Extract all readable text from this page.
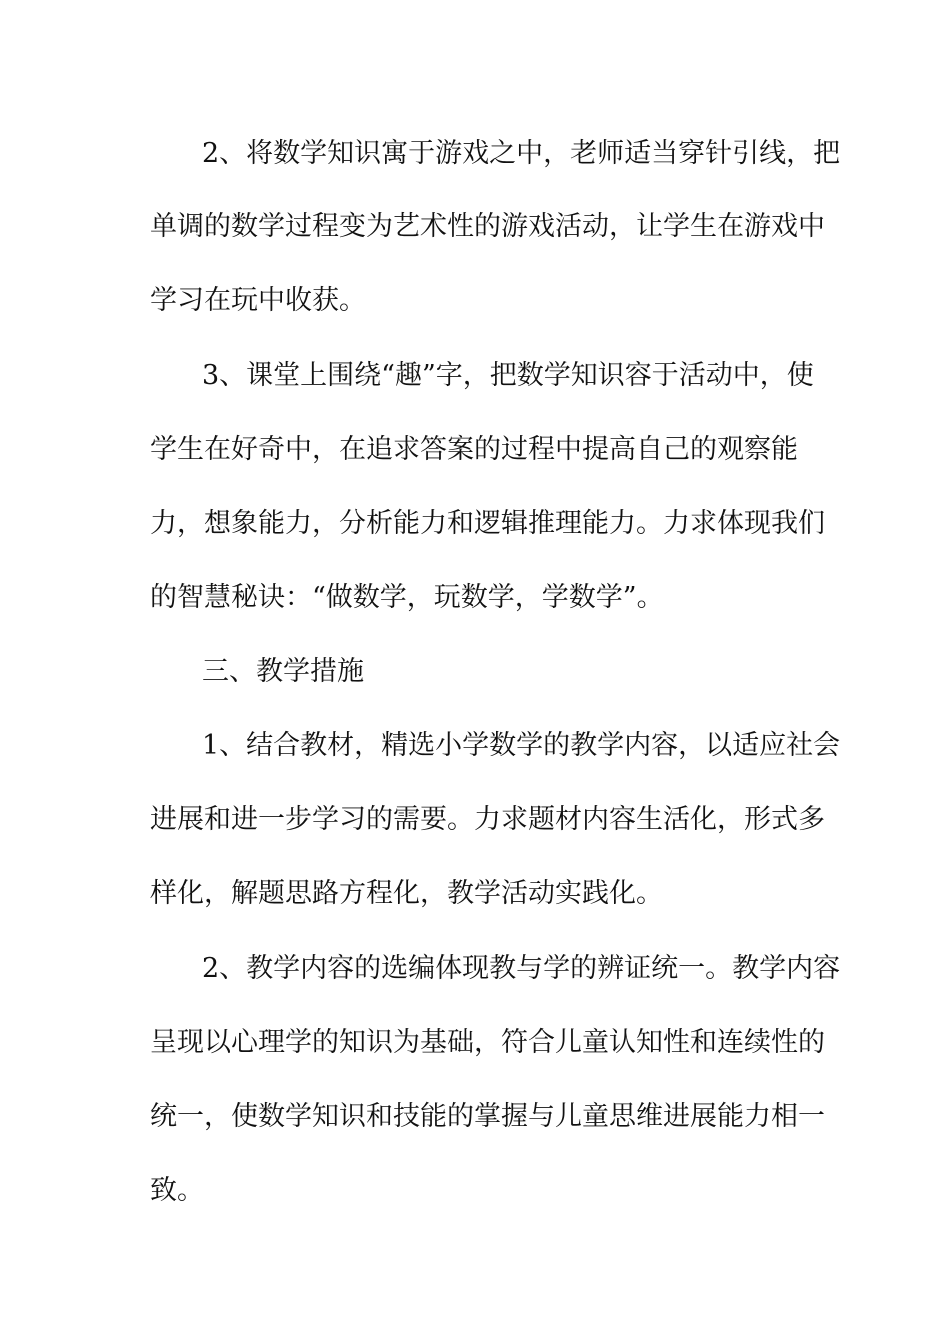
2、将数学知识寓于游戏之中，老师适当穿针引线，把
单调的数学过程变为艺术性的游戏活动，让学生在游戏中
学习在玩中收获。
3、课堂上围绕“趣”字，把数学知识容于活动中，使
学生在好奇中，在追求答案的过程中提高自己的观察能
力，想象能力，分析能力和逻辑推理能力。力求体现我们
的智慧秘诀：“做数学，玩数学，学数学”。
三、教学措施
1、结合教材，精选小学数学的教学内容，以适应社会
进展和进一步学习的需要。力求题材内容生活化，形式多
样化，解题思路方程化，教学活动实践化。
2、教学内容的选编体现教与学的辨证统一。教学内容
呈现以心理学的知识为基础，符合儿童认知性和连续性的
统一，使数学知识和技能的掌握与儿童思维进展能力相一
致。
